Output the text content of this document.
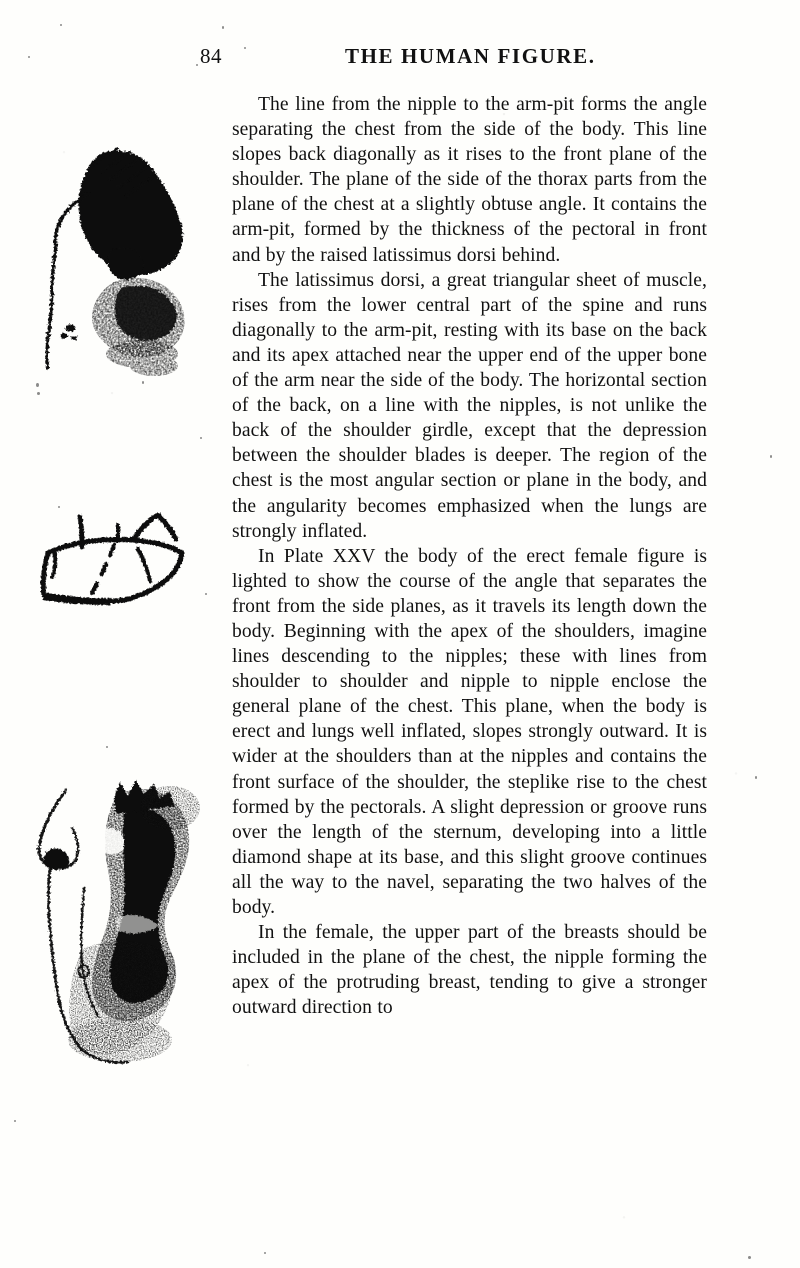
84	THE HUMAN FIGURE.

The line from the nipple to the arm-pit forms the angle separating the chest from the side of the body. This line slopes back diagonally as it rises to the front plane of the shoulder. The plane of the side of the thorax parts from the plane of the chest at a slightly obtuse angle. It contains the arm-pit, formed by the thickness of the pectoral in front and by the raised latissimus dorsi behind.

The latissimus dorsi, a great triangular sheet of muscle, rises from the lower central part of the spine and runs diagonally to the arm-pit, resting with its base on the back and its apex attached near the upper end of the upper bone of the arm near the side of the body. The horizontal section of the back, on a line with the nipples, is not unlike the back of the shoulder girdle, except that the depression between the shoulder blades is deeper. The region of the chest is the most angular section or plane in the body, and the angularity becomes emphasized when the lungs are strongly inflated.

In Plate XXV the body of the erect female figure is lighted to show the course of the angle that separates the front from the side planes, as it travels its length down the body. Beginning with the apex of the shoulders, imagine lines descending to the nipples; these with lines from shoulder to shoulder and nipple to nipple enclose the general plane of the chest. This plane, when the body is erect and lungs well inflated, slopes strongly outward. It is wider at the shoulders than at the nipples and contains the front surface of the shoulder, the steplike rise to the chest formed by the pectorals. A slight depression or groove runs over the length of the sternum, developing into a little diamond shape at its base, and this slight groove continues all the way to the navel, separating the two halves of the body.

In the female, the upper part of the breasts should be included in the plane of the chest, the nipple forming the apex of the protruding breast, tending to give a stronger outward direction to
